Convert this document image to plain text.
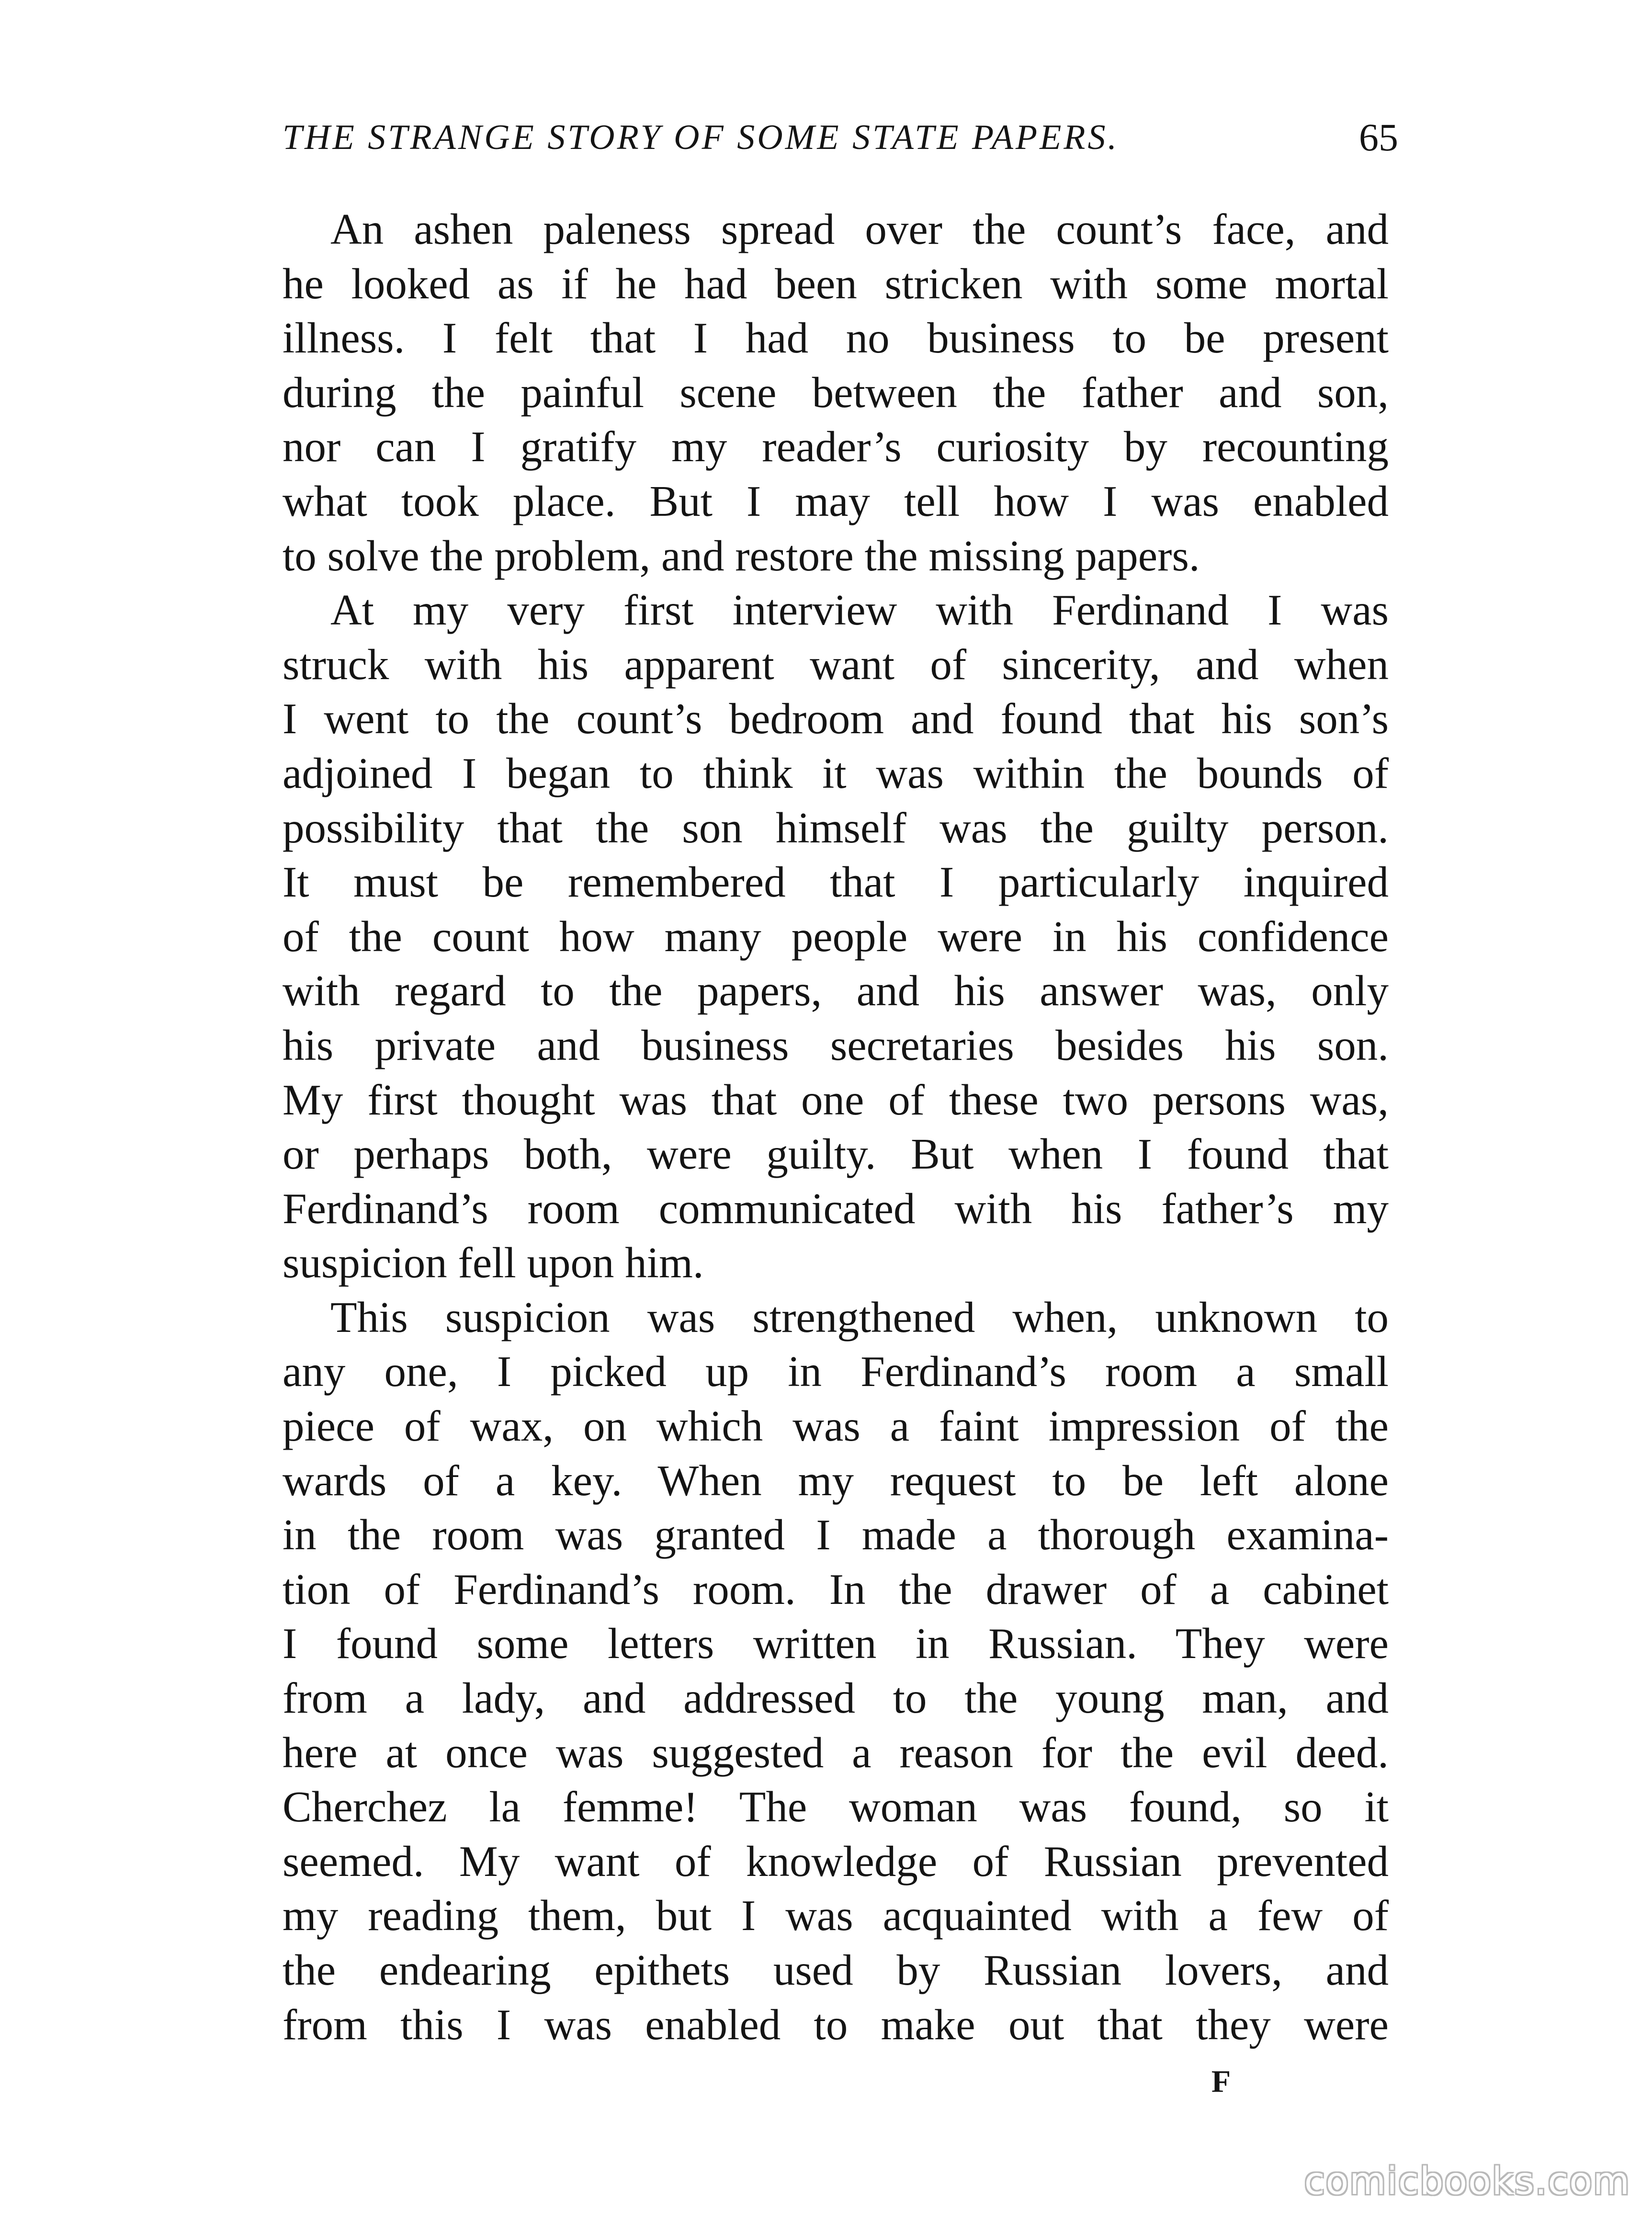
THE STRANGE STORY OF SOME STATE PAPERS.	65
An ashen paleness spread over the count’s face, and
he looked as if he had been stricken with some mortal
illness. I felt that I had no business to be present
during the painful scene between the father and son,
nor can I gratify my reader’s curiosity by recounting
what took place. But I may tell how I was enabled
to solve the problem, and restore the missing papers.
At my very first interview with Ferdinand I was
struck with his apparent want of sincerity, and when
I went to the count’s bedroom and found that his son’s
adjoined I began to think it was within the bounds of
possibility that the son himself was the guilty person.
It must be remembered that I particularly inquired
of the count how many people were in his confidence
with regard to the papers, and his answer was, only
his private and business secretaries besides his son.
My first thought was that one of these two persons was,
or perhaps both, were guilty. But when I found that
Ferdinand’s room communicated with his father’s my
suspicion fell upon him.
This suspicion was strengthened when, unknown to
any one, I picked up in Ferdinand’s room a small
piece of wax, on which was a faint impression of the
wards of a key. When my request to be left alone
in the room was granted I made a thorough examina-
tion of Ferdinand’s room. In the drawer of a cabinet
I found some letters written in Russian. They were
from a lady, and addressed to the young man, and
here at once was suggested a reason for the evil deed.
Cherchez la femme! The woman was found, so it
seemed. My want of knowledge of Russian prevented
my reading them, but I was acquainted with a few of
the endearing epithets used by Russian lovers, and
from this I was enabled to make out that they were
F
comicbooks.com
